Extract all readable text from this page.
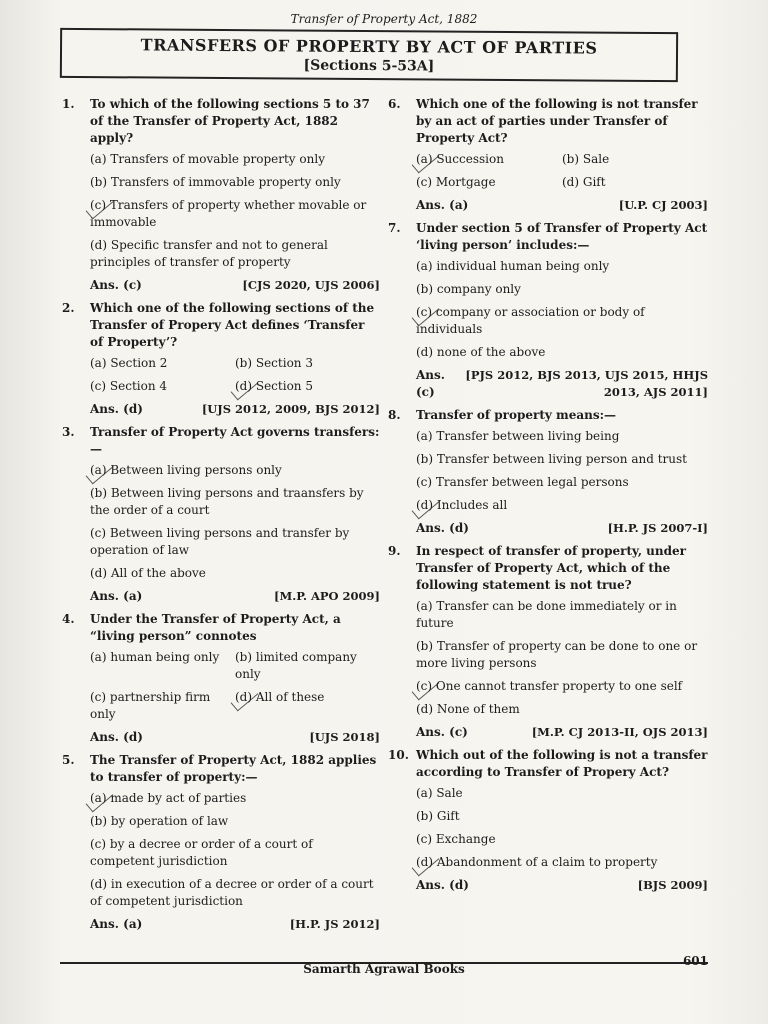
Transfer of Property Act, 1882
TRANSFERS OF PROPERTY BY ACT OF PARTIES
[Sections 5-53A]
1. To which of the following sections 5 to 37 of the Transfer of Property Act, 1882 apply?
(a) Transfers of movable property only
(b) Transfers of immovable property only
(c) Transfers of property whether movable or immovable
(d) Specific transfer and not to general principles of transfer of property
Ans. (c)	[CJS 2020, UJS 2006]
2. Which one of the following sections of the Transfer of Propery Act defines ‘Transfer of Property’?
(a) Section 2	(b) Section 3
(c) Section 4	(d) Section 5
Ans. (d)	[UJS 2012, 2009, BJS 2012]
3. Transfer of Property Act governs transfers:—
(a) Between living persons only
(b) Between living persons and traansfers by the order of a court
(c) Between living persons and transfer by operation of law
(d) All of the above
Ans. (a)	[M.P. APO 2009]
4. Under the Transfer of Property Act, a “living person” connotes
(a) human being only	(b) limited company only
(c) partnership firm only
(d) All of these
Ans. (d)	[UJS 2018]
5. The Transfer of Property Act, 1882 applies to transfer of property:—
(a) made by act of parties
(b) by operation of law
(c) by a decree or order of a court of competent jurisdiction
(d) in execution of a decree or order of a court of competent jurisdiction
Ans. (a)	[H.P. JS 2012]
6. Which one of the following is not transfer by an act of parties under Transfer of Property Act?
(a) Succession	(b) Sale
(c) Mortgage	(d) Gift
Ans. (a)	[U.P. CJ 2003]
7. Under section 5 of Transfer of Property Act ‘living person’ includes:—
(a) individual human being only
(b) company only
(c) company or association or body of individuals
(d) none of the above
Ans. (c)
[PJS 2012, BJS 2013, UJS 2015, HHJS 2013, AJS 2011]
8. Transfer of property means:—
(a) Transfer between living being
(b) Transfer between living person and trust
(c) Transfer between legal persons
(d) Includes all
Ans. (d)	[H.P. JS 2007-I]
9. In respect of transfer of property, under Transfer of Property Act, which of the following statement is not true?
(a) Transfer can be done immediately or in future
(b) Transfer of property can be done to one or more living persons
(c) One cannot transfer property to one self
(d) None of them
Ans. (c)	[M.P. CJ 2013-II, OJS 2013]
10. Which out of the following is not a transfer according to Transfer of Propery Act?
(a) Sale
(b) Gift
(c) Exchange
(d) Abandonment of a claim to property
Ans. (d)	[BJS 2009]
Samarth Agrawal Books
601
